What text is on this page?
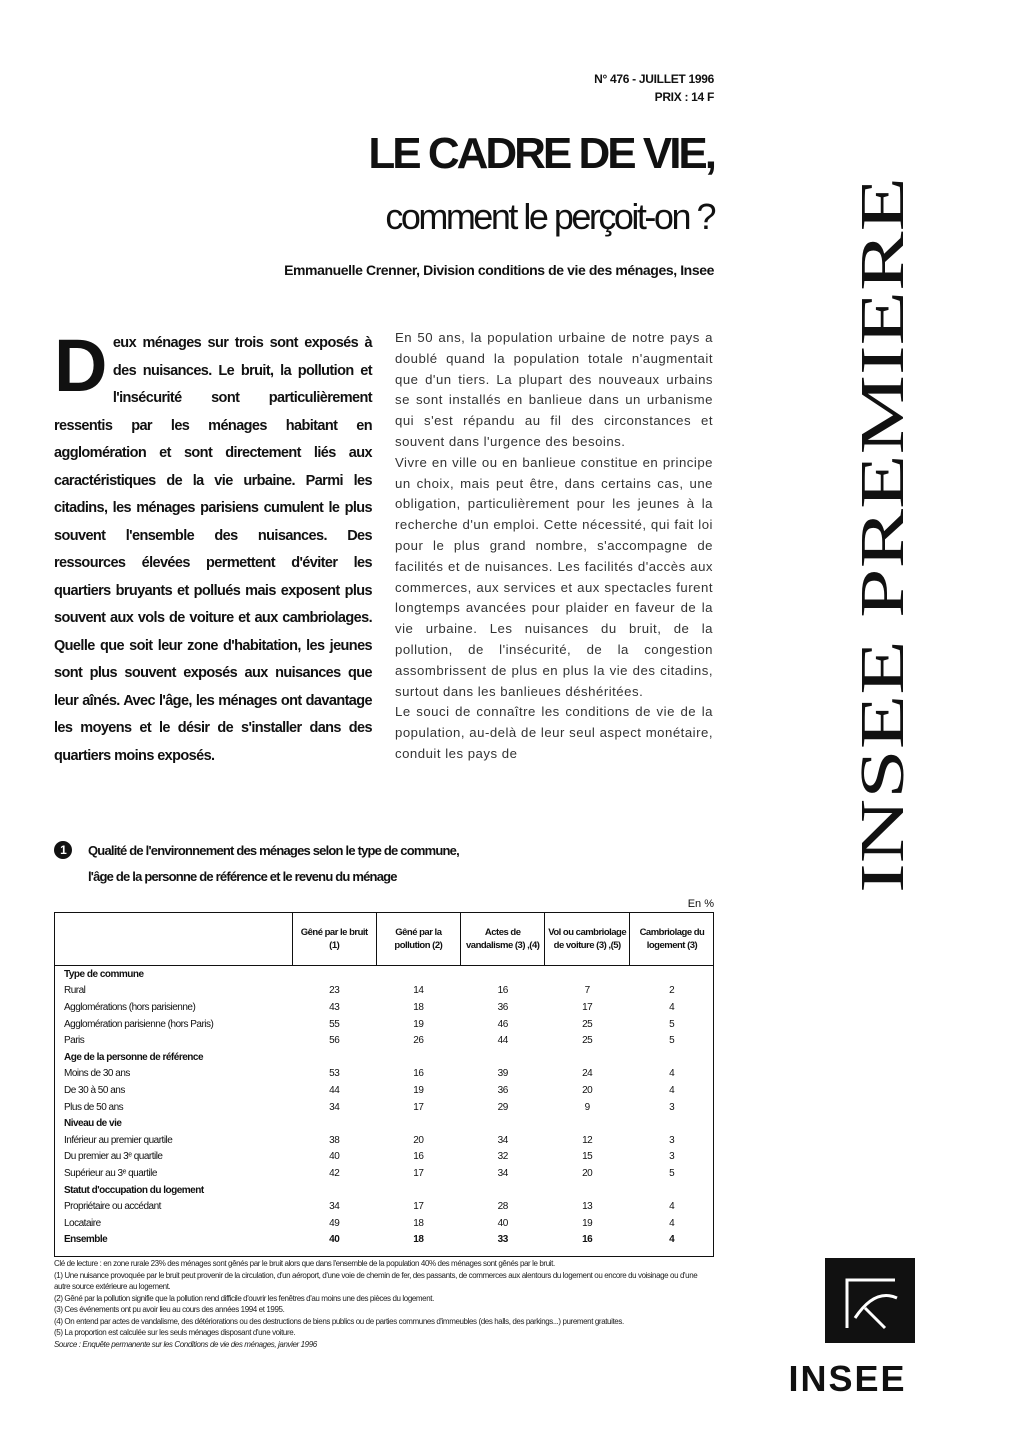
N° 476 - JUILLET 1996
PRIX : 14 F
LE CADRE DE VIE,
comment le perçoit-on ?
Emmanuelle Crenner, Division conditions de vie des ménages, Insee
Deux ménages sur trois sont exposés à des nuisances. Le bruit, la pollution et l'insécurité sont particulièrement ressentis par les ménages habitant en agglomération et sont directement liés aux caractéristiques de la vie urbaine. Parmi les citadins, les ménages parisiens cumulent le plus souvent l'ensemble des nuisances. Des ressources élevées permettent d'éviter les quartiers bruyants et pollués mais exposent plus souvent aux vols de voiture et aux cambriolages. Quelle que soit leur zone d'habitation, les jeunes sont plus souvent exposés aux nuisances que leur aînés. Avec l'âge, les ménages ont davantage les moyens et le désir de s'installer dans des quartiers moins exposés.

En 50 ans, la population urbaine de notre pays a doublé quand la population totale n'augmentait que d'un tiers. La plupart des nouveaux urbains se sont installés en banlieue dans un urbanisme qui s'est répandu au fil des circonstances et souvent dans l'urgence des besoins.

Vivre en ville ou en banlieue constitue en principe un choix, mais peut être, dans certains cas, une obligation, particulièrement pour les jeunes à la recherche d'un emploi. Cette nécessité, qui fait loi pour le plus grand nombre, s'accompagne de facilités et de nuisances. Les facilités d'accès aux commerces, aux services et aux spectacles furent longtemps avancées pour plaider en faveur de la vie urbaine. Les nuisances du bruit, de la pollution, de l'insécurité, de la congestion assombrissent de plus en plus la vie des citadins, surtout dans les banlieues déshéritées.

Le souci de connaître les conditions de vie de la population, au-delà de leur seul aspect monétaire, conduit les pays de	INSEE PREMIERE
1	Qualité de l'environnement des ménages selon le type de commune,
l'âge de la personne de référence et le revenu du ménage
En %
	Gêné par le bruit (1)	Gêné par la pollution (2)	Actes de vandalisme (3) ,(4)	Vol ou cambriolage de voiture (3) ,(5)	Cambriolage du logement (3)
Type de commune					
Rural	23	14	16	7	2
Agglomérations (hors parisienne)	43	18	36	17	4
Agglomération parisienne (hors Paris)	55	19	46	25	5
Paris	56	26	44	25	5
Age de la personne de référence					
Moins de 30 ans	53	16	39	24	4
De 30 à 50 ans	44	19	36	20	4
Plus de 50 ans	34	17	29	9	3
Niveau de vie					
Inférieur au premier quartile	38	20	34	12	3
Du premier au 3ᵉ quartile	40	16	32	15	3
Supérieur au 3ᵉ quartile	42	17	34	20	5
Statut d'occupation du logement					
Propriétaire ou accédant	34	17	28	13	4
Locataire	49	18	40	19	4
Ensemble	40	18	33	16	4

Clé de lecture : en zone rurale 23% des ménages sont gênés par le bruit alors que dans l'ensemble de la population 40% des ménages sont gênés par le bruit.

(1) Une nuisance provoquée par le bruit peut provenir de la circulation, d'un aéroport, d'une voie de chemin de fer, des passants, de commerces aux alentours du logement ou encore du voisinage ou d'une autre source extérieure au logement.

(2) Gêné par la pollution signifie que la pollution rend difficile d'ouvrir les fenêtres d'au moins une des pièces du logement.

(3) Ces événements ont pu avoir lieu au cours des années 1994 et 1995.

(4) On entend par actes de vandalisme, des détériorations ou des destructions de biens publics ou de parties communes d'immeubles (des halls, des parkings...) purement gratuites.

(5) La proportion est calculée sur les seuls ménages disposant d'une voiture.

Source : Enquête permanente sur les Conditions de vie des ménages, janvier 1996

INSEE
